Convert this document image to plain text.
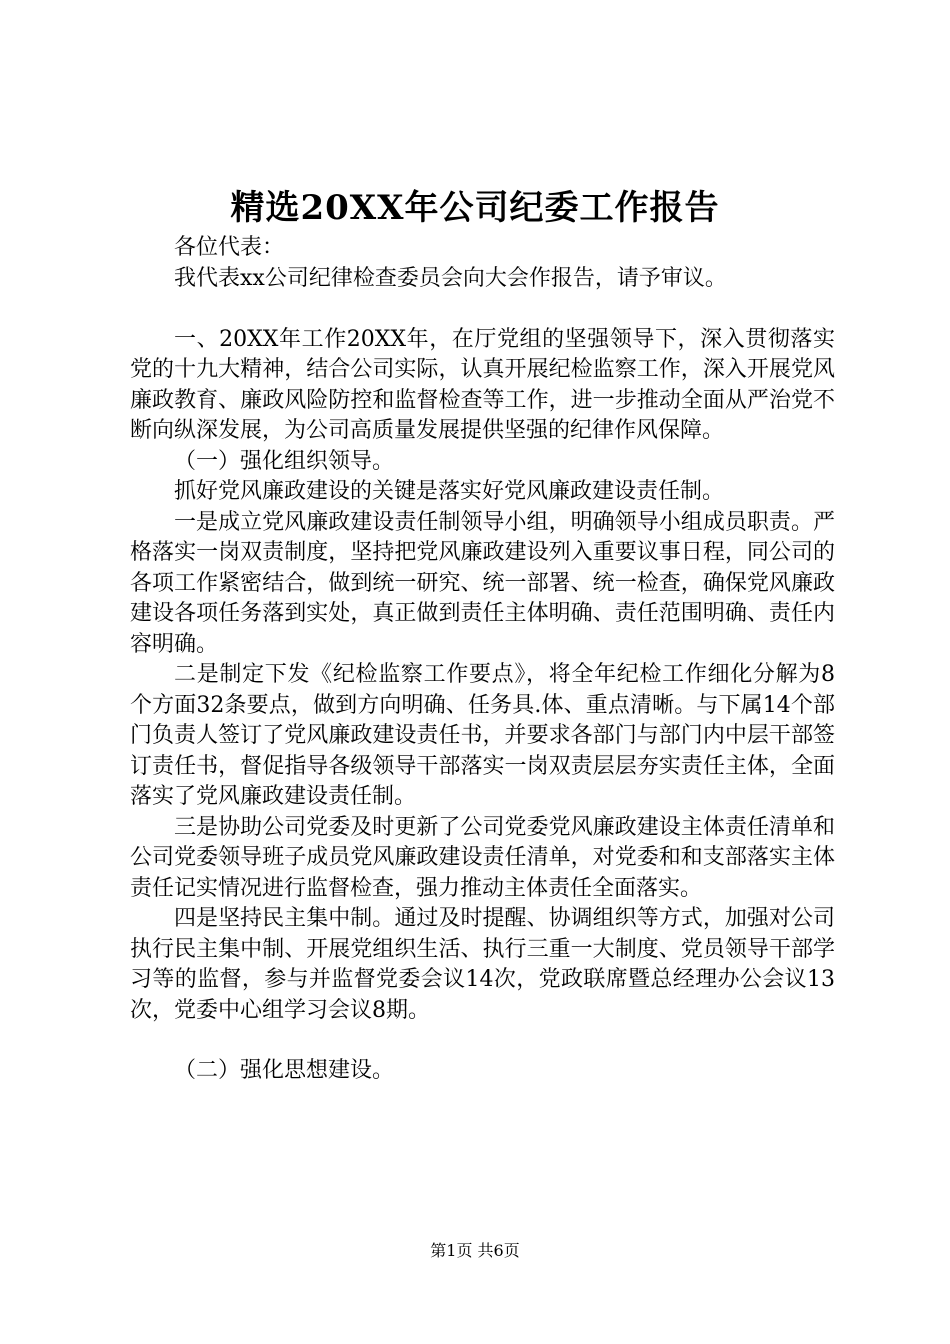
精选20XX年公司纪委工作报告

各位代表：

我代表xx公司纪律检查委员会向大会作报告，请予审议。

一、20XX年工作20XX年，在厅党组的坚强领导下，深入贯彻落实党的十九大精神，结合公司实际，认真开展纪检监察工作，深入开展党风廉政教育、廉政风险防控和监督检查等工作，进一步推动全面从严治党不断向纵深发展，为公司高质量发展提供坚强的纪律作风保障。

（一）强化组织领导。

抓好党风廉政建设的关键是落实好党风廉政建设责任制。

一是成立党风廉政建设责任制领导小组，明确领导小组成员职责。严格落实一岗双责制度，坚持把党风廉政建设列入重要议事日程，同公司的各项工作紧密结合，做到统一研究、统一部署、统一检查，确保党风廉政建设各项任务落到实处，真正做到责任主体明确、责任范围明确、责任内容明确。

二是制定下发《纪检监察工作要点》，将全年纪检工作细化分解为8个方面32条要点，做到方向明确、任务具.体、重点清晰。与下属14个部门负责人签订了党风廉政建设责任书，并要求各部门与部门内中层干部签订责任书，督促指导各级领导干部落实一岗双责层层夯实责任主体，全面落实了党风廉政建设责任制。

三是协助公司党委及时更新了公司党委党风廉政建设主体责任清单和公司党委领导班子成员党风廉政建设责任清单，对党委和和支部落实主体责任记实情况进行监督检查，强力推动主体责任全面落实。

四是坚持民主集中制。通过及时提醒、协调组织等方式，加强对公司执行民主集中制、开展党组织生活、执行三重一大制度、党员领导干部学习等的监督，参与并监督党委会议14次，党政联席暨总经理办公会议13次，党委中心组学习会议8期。

（二）强化思想建设。

第1页 共6页
